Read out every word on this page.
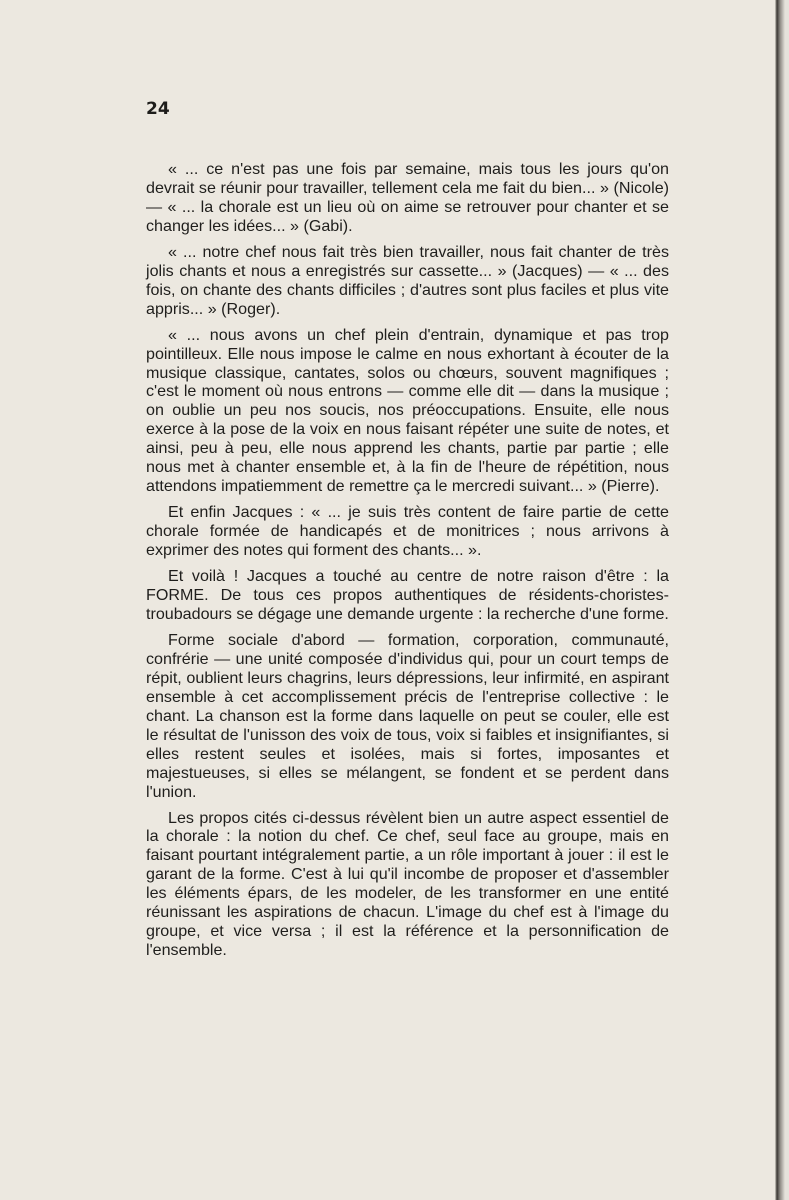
24

« ... ce n'est pas une fois par semaine, mais tous les jours qu'on devrait se réunir pour travailler, tellement cela me fait du bien... » (Nicole) — « ... la chorale est un lieu où on aime se retrouver pour chanter et se changer les idées... » (Gabi).

« ... notre chef nous fait très bien travailler, nous fait chanter de très jolis chants et nous a enregistrés sur cassette... » (Jacques) — « ... des fois, on chante des chants difficiles ; d'autres sont plus faciles et plus vite appris... » (Roger).

« ... nous avons un chef plein d'entrain, dynamique et pas trop pointilleux. Elle nous impose le calme en nous exhortant à écouter de la musique classique, cantates, solos ou chœurs, souvent magnifiques ; c'est le moment où nous entrons — comme elle dit — dans la musique ; on oublie un peu nos soucis, nos préoccupations. Ensuite, elle nous exerce à la pose de la voix en nous faisant répéter une suite de notes, et ainsi, peu à peu, elle nous apprend les chants, partie par partie ; elle nous met à chanter ensemble et, à la fin de l'heure de répétition, nous attendons impatiemment de remettre ça le mercredi suivant... » (Pierre).

Et enfin Jacques : « ... je suis très content de faire partie de cette chorale formée de handicapés et de monitrices ; nous arrivons à exprimer des notes qui forment des chants... ».

Et voilà ! Jacques a touché au centre de notre raison d'être : la FORME. De tous ces propos authentiques de résidents-choristes-troubadours se dégage une demande urgente : la recherche d'une forme.

Forme sociale d'abord — formation, corporation, communauté, confrérie — une unité composée d'individus qui, pour un court temps de répit, oublient leurs chagrins, leurs dépressions, leur infirmité, en aspirant ensemble à cet accomplissement précis de l'entreprise collective : le chant. La chanson est la forme dans laquelle on peut se couler, elle est le résultat de l'unisson des voix de tous, voix si faibles et insignifiantes, si elles restent seules et isolées, mais si fortes, imposantes et majestueuses, si elles se mélangent, se fondent et se perdent dans l'union.

Les propos cités ci-dessus révèlent bien un autre aspect essentiel de la chorale : la notion du chef. Ce chef, seul face au groupe, mais en faisant pourtant intégralement partie, a un rôle important à jouer : il est le garant de la forme. C'est à lui qu'il incombe de proposer et d'assembler les éléments épars, de les modeler, de les transformer en une entité réunissant les aspirations de chacun. L'image du chef est à l'image du groupe, et vice versa ; il est la référence et la personnification de l'ensemble.
